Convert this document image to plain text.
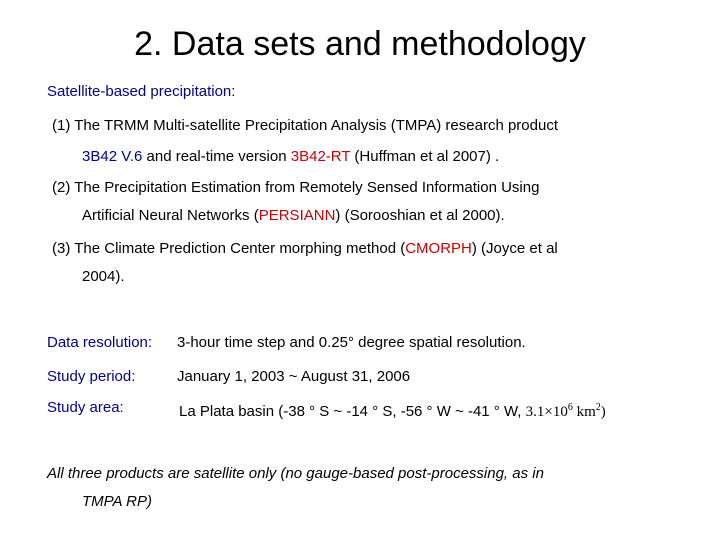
2. Data sets and methodology
Satellite-based precipitation:
(1) The TRMM Multi-satellite Precipitation Analysis (TMPA) research product
3B42 V.6 and real-time version 3B42-RT (Huffman et al 2007) .
(2) The Precipitation Estimation from Remotely Sensed Information Using
Artificial Neural Networks (PERSIANN) (Sorooshian et al 2000).
(3) The Climate Prediction Center morphing method (CMORPH) (Joyce et al
2004).
Data resolution: 3-hour time step and 0.25° degree spatial resolution.
Study period:	January 1, 2003 ~ August 31, 2006
Study area:	La Plata basin (-38 ° S ~ -14 ° S, -56 ° W ~ -41 ° W, $3.1\times 10^6$ $km^2$)
All three products are satellite only (no gauge-based post-processing, as in
TMPA RP)
